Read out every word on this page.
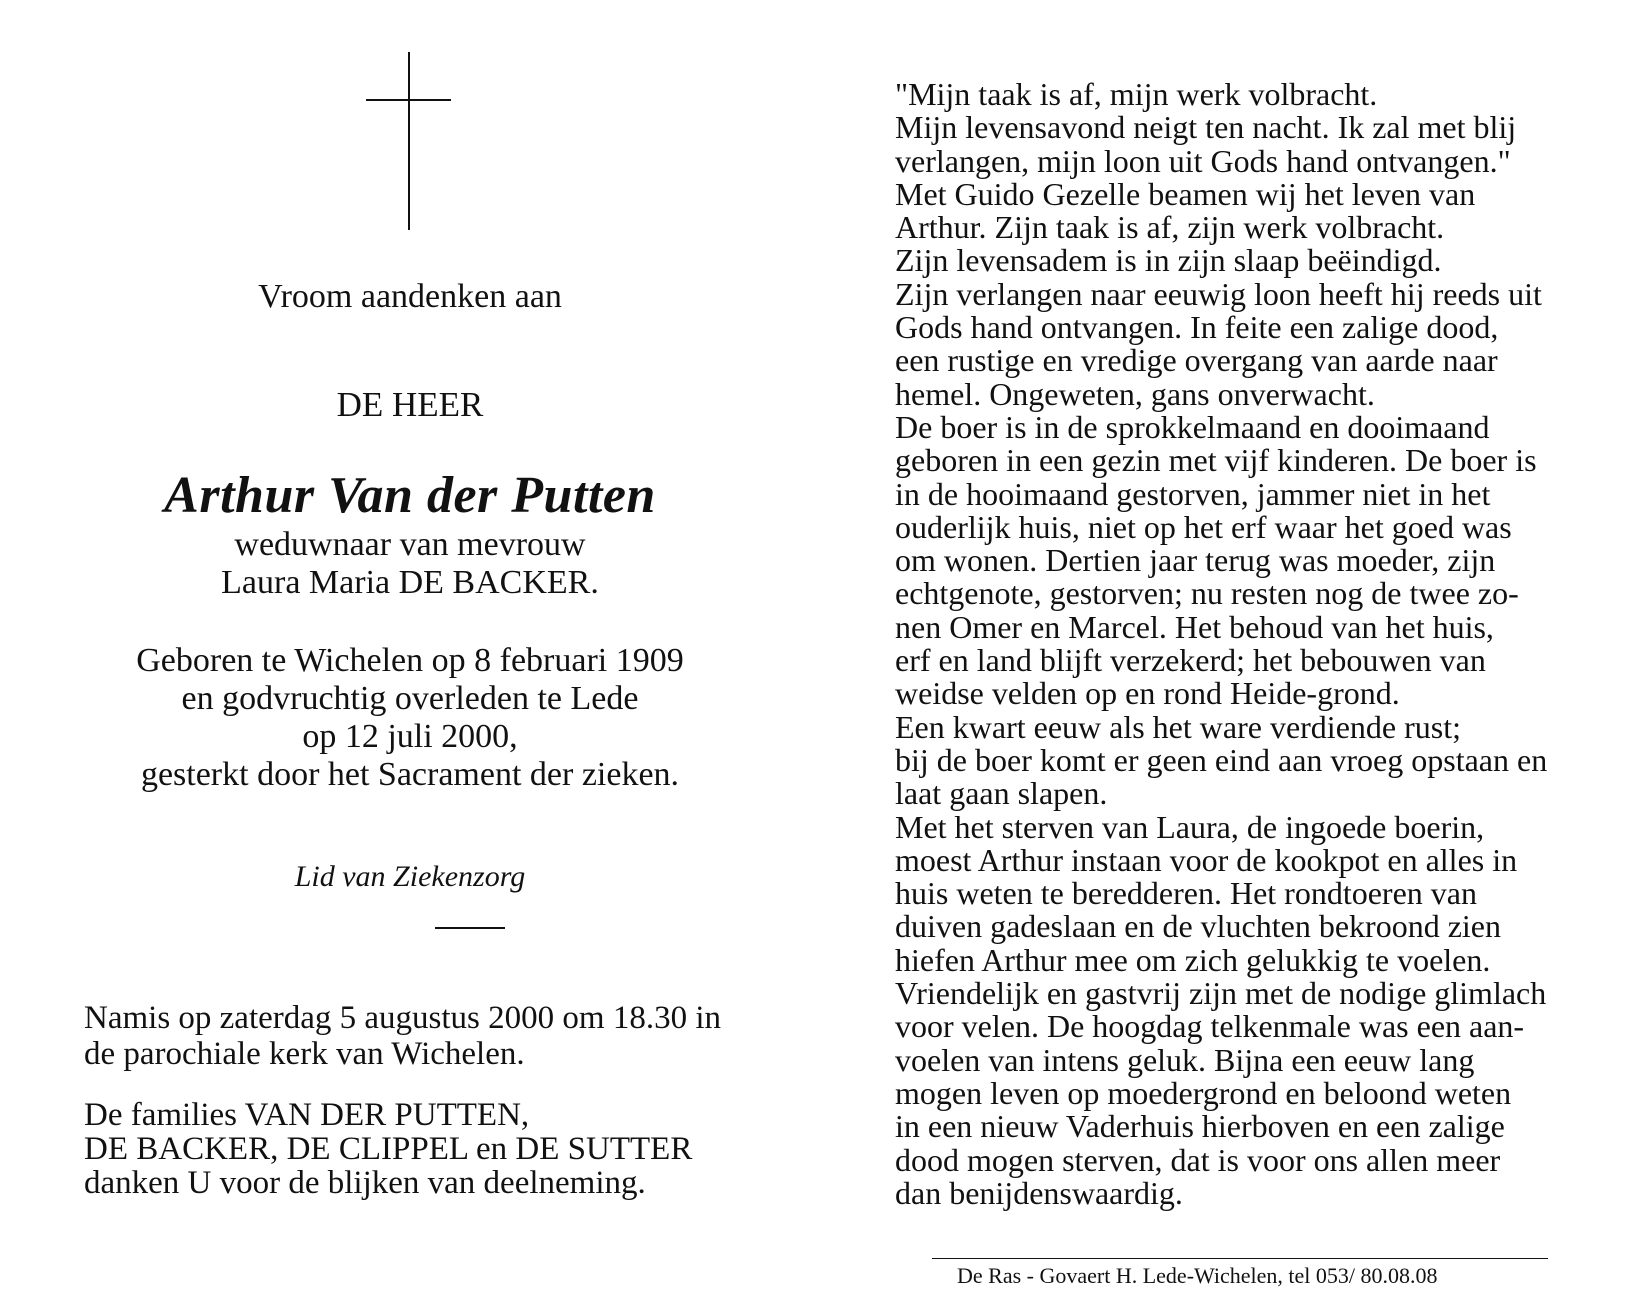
Vroom aandenken aan
DE HEER
Arthur Van der Putten
weduwnaar van mevrouw
Laura Maria DE BACKER.
Geboren te Wichelen op 8 februari 1909
en godvruchtig overleden te Lede
op 12 juli 2000,
gesterkt door het Sacrament der zieken.
Lid van Ziekenzorg
Namis op zaterdag 5 augustus 2000 om 18.30 in
de parochiale kerk van Wichelen.
De families VAN DER PUTTEN,
DE BACKER, DE CLIPPEL en DE SUTTER
danken U voor de blijken van deelneming.
"Mijn taak is af, mijn werk volbracht.
Mijn levensavond neigt ten nacht. Ik zal met blij
verlangen, mijn loon uit Gods hand ontvangen."
Met Guido Gezelle beamen wij het leven van
Arthur. Zijn taak is af, zijn werk volbracht.
Zijn levensadem is in zijn slaap beëindigd.
Zijn verlangen naar eeuwig loon heeft hij reeds uit
Gods hand ontvangen. In feite een zalige dood,
een rustige en vredige overgang van aarde naar
hemel. Ongeweten, gans onverwacht.
De boer is in de sprokkelmaand en dooimaand
geboren in een gezin met vijf kinderen. De boer is
in de hooimaand gestorven, jammer niet in het
ouderlijk huis, niet op het erf waar het goed was
om wonen. Dertien jaar terug was moeder, zijn
echtgenote, gestorven; nu resten nog de twee zo-
nen Omer en Marcel. Het behoud van het huis,
erf en land blijft verzekerd; het bebouwen van
weidse velden op en rond Heide-grond.
Een kwart eeuw als het ware verdiende rust;
bij de boer komt er geen eind aan vroeg opstaan en
laat gaan slapen.
Met het sterven van Laura, de ingoede boerin,
moest Arthur instaan voor de kookpot en alles in
huis weten te beredderen. Het rondtoeren van
duiven gadeslaan en de vluchten bekroond zien
hiefen Arthur mee om zich gelukkig te voelen.
Vriendelijk en gastvrij zijn met de nodige glimlach
voor velen. De hoogdag telkenmale was een aan-
voelen van intens geluk. Bijna een eeuw lang
mogen leven op moedergrond en beloond weten
in een nieuw Vaderhuis hierboven en een zalige
dood mogen sterven, dat is voor ons allen meer
dan benijdenswaardig.
De Ras - Govaert H. Lede-Wichelen, tel 053/ 80.08.08
